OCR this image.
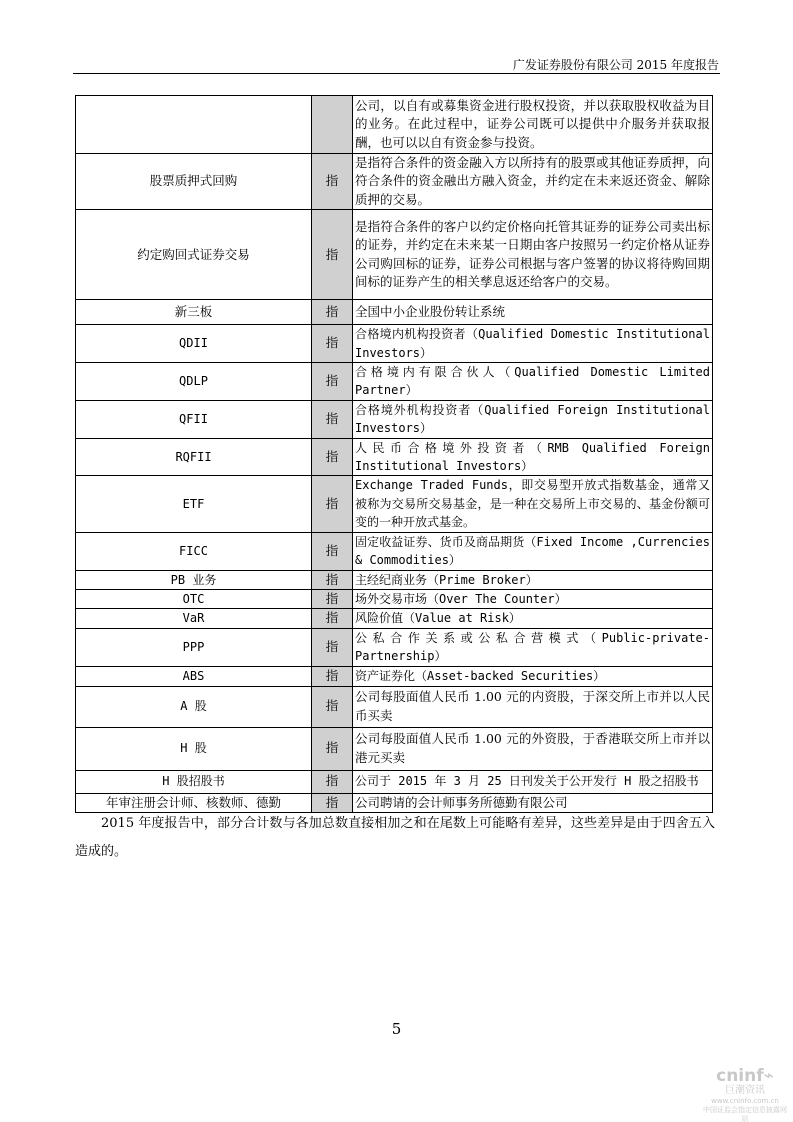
广发证券股份有限公司 2015 年度报告
		公司，以自有或募集资金进行股权投资，并以获取股权收益为目的业务。在此过程中，证券公司既可以提供中介服务并获取报酬，也可以以自有资金参与投资。
股票质押式回购	指	是指符合条件的资金融入方以所持有的股票或其他证券质押，向符合条件的资金融出方融入资金，并约定在未来返还资金、解除质押的交易。
约定购回式证券交易	指	是指符合条件的客户以约定价格向托管其证券的证券公司卖出标的证券，并约定在未来某一日期由客户按照另一约定价格从证券公司购回标的证券，证券公司根据与客户签署的协议将待购回期间标的证券产生的相关孳息返还给客户的交易。
新三板	指	全国中小企业股份转让系统
QDII	指	合格境内机构投资者（Qualified Domestic Institutional Investors）
QDLP	指	合格境内有限合伙人（Qualified Domestic Limited Partner）
QFII	指	合格境外机构投资者（Qualified Foreign Institutional Investors）
RQFII	指	人民币合格境外投资者（RMB Qualified Foreign Institutional Investors）
ETF	指	Exchange Traded Funds，即交易型开放式指数基金，通常又被称为交易所交易基金，是一种在交易所上市交易的、基金份额可变的一种开放式基金。
FICC	指	固定收益证券、货币及商品期货（Fixed Income ,Currencies & Commodities）
PB 业务	指	主经纪商业务（Prime Broker）
OTC	指	场外交易市场（Over The Counter）
VaR	指	风险价值（Value at Risk）
PPP	指	公私合作关系或公私合营模式（Public-private-Partnership）
ABS	指	资产证券化（Asset-backed Securities）
A 股	指	公司每股面值人民币 1.00 元的内资股，于深交所上市并以人民币买卖
H 股	指	公司每股面值人民币 1.00 元的外资股，于香港联交所上市并以港元买卖
H 股招股书	指	公司于 2015 年 3 月 25 日刊发关于公开发行 H 股之招股书
年审注册会计师、核数师、德勤	指	公司聘请的会计师事务所德勤有限公司
2015 年度报告中，部分合计数与各加总数直接相加之和在尾数上可能略有差异，这些差异是由于四舍五入造成的。
5
cninf⌁
巨潮资讯
www.cninfo.com.cn
中国证监会指定信息披露网站
